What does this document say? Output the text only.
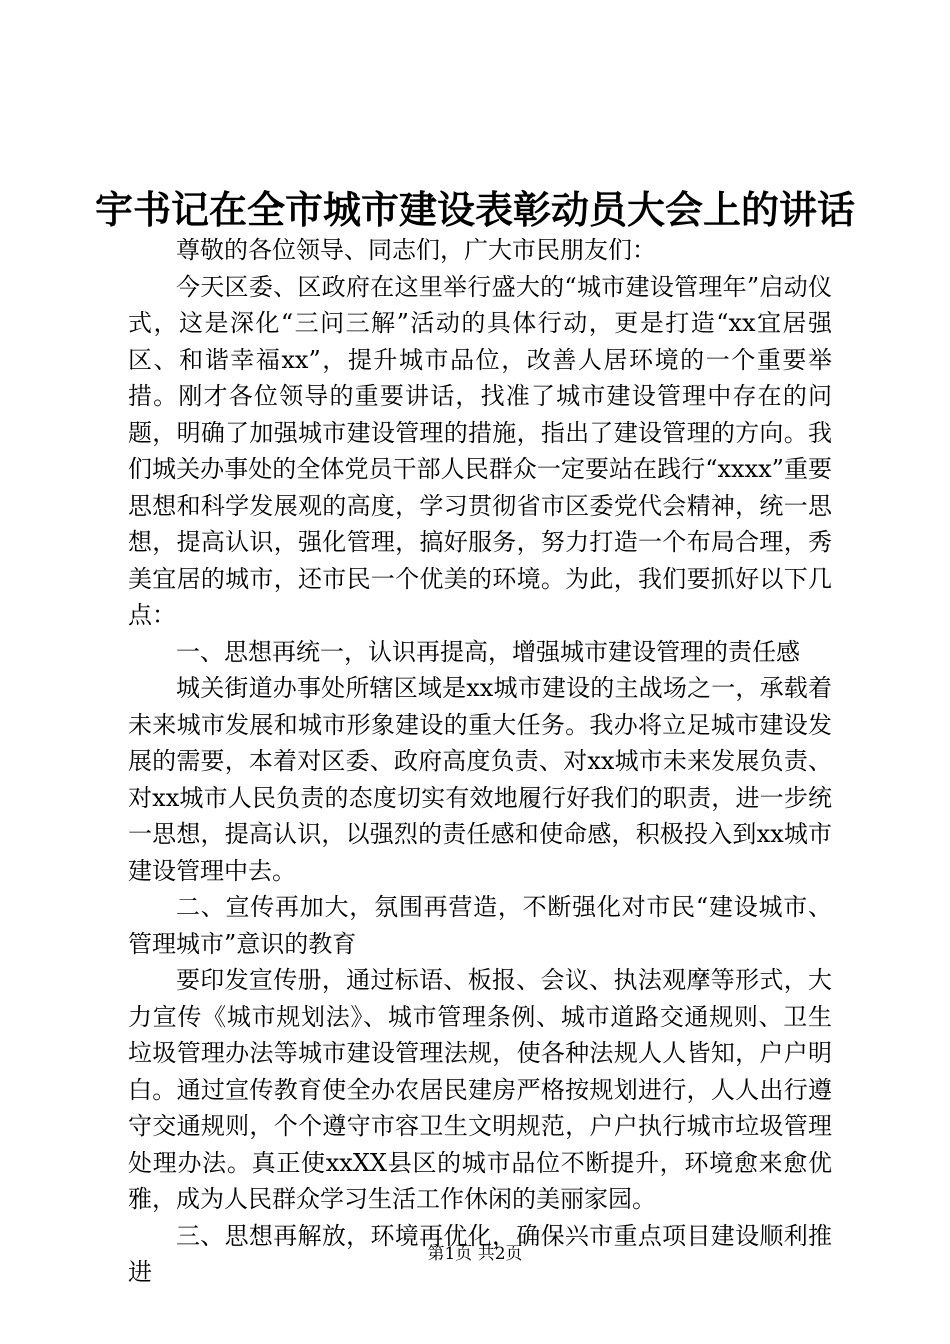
宇书记在全市城市建设表彰动员大会上的讲话

尊敬的各位领导、同志们，广大市民朋友们：

今天区委、区政府在这里举行盛大的“城市建设管理年”启动仪式，这是深化“三问三解”活动的具体行动，更是打造“xx宜居强区、和谐幸福xx”，提升城市品位，改善人居环境的一个重要举措。刚才各位领导的重要讲话，找准了城市建设管理中存在的问题，明确了加强城市建设管理的措施，指出了建设管理的方向。我们城关办事处的全体党员干部人民群众一定要站在践行“xxxx”重要思想和科学发展观的高度，学习贯彻省市区委党代会精神，统一思想，提高认识，强化管理，搞好服务，努力打造一个布局合理，秀美宜居的城市，还市民一个优美的环境。为此，我们要抓好以下几点：

一、思想再统一，认识再提高，增强城市建设管理的责任感

城关街道办事处所辖区域是xx城市建设的主战场之一，承载着未来城市发展和城市形象建设的重大任务。我办将立足城市建设发展的需要，本着对区委、政府高度负责、对xx城市未来发展负责、对xx城市人民负责的态度切实有效地履行好我们的职责，进一步统一思想，提高认识，以强烈的责任感和使命感，积极投入到xx城市建设管理中去。

二、宣传再加大，氛围再营造，不断强化对市民“建设城市、管理城市”意识的教育

要印发宣传册，通过标语、板报、会议、执法观摩等形式，大力宣传《城市规划法》、城市管理条例、城市道路交通规则、卫生垃圾管理办法等城市建设管理法规，使各种法规人人皆知，户户明白。通过宣传教育使全办农居民建房严格按规划进行，人人出行遵守交通规则，个个遵守市容卫生文明规范，户户执行城市垃圾管理处理办法。真正使xxXX县区的城市品位不断提升，环境愈来愈优雅，成为人民群众学习生活工作休闲的美丽家园。

三、思想再解放，环境再优化，确保兴市重点项目建设顺利推进

第1页 共2页
